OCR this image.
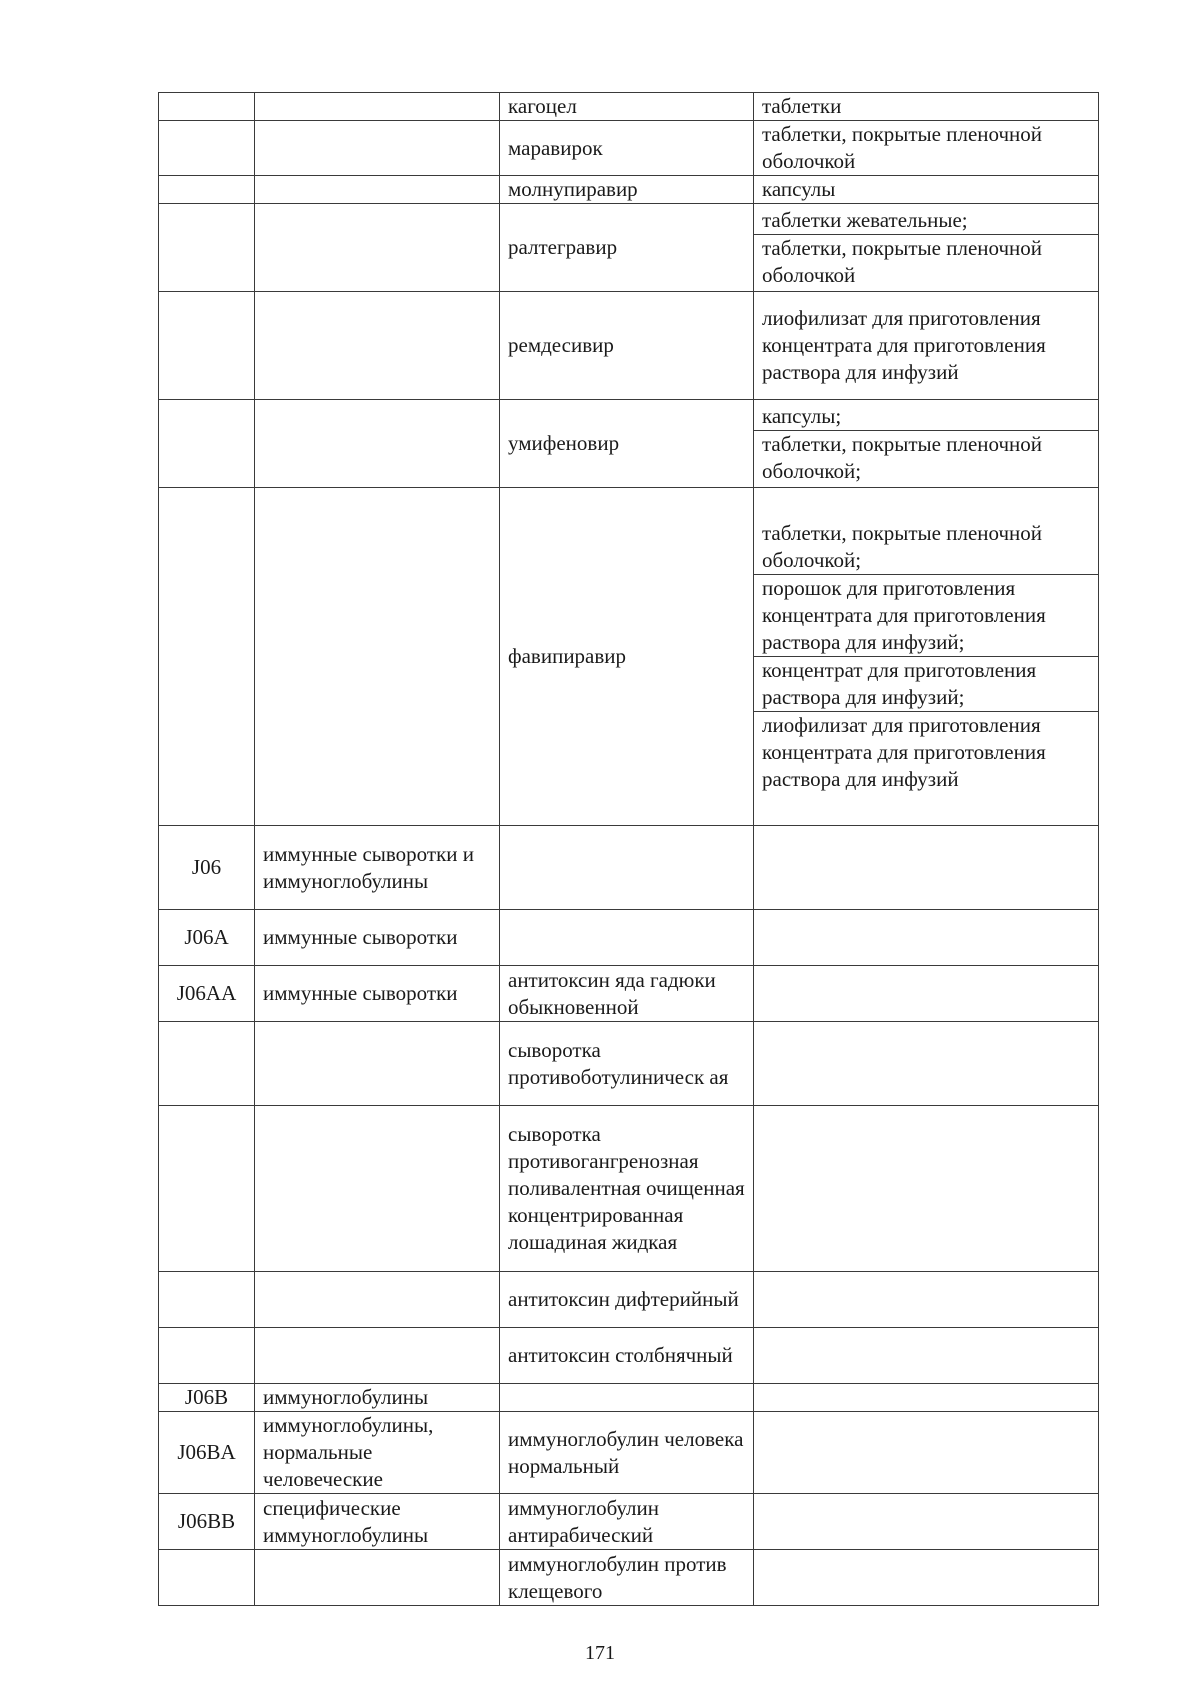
		кагоцел	таблетки

		маравирок	таблетки, покрытые пленочной оболочкой

		молнупиравир	капсулы

		ралтегравир	таблетки жевательные;
таблетки, покрытые пленочной оболочкой

		ремдесивир	лиофилизат для приготовления концентрата для приготовления раствора для инфузий

		умифеновир	капсулы;
таблетки, покрытые пленочной оболочкой;

		фавипиравир	таблетки, покрытые пленочной оболочкой;
порошок для приготовления концентрата для приготовления раствора для инфузий;
концентрат для приготовления раствора для инфузий;
лиофилизат для приготовления концентрата для приготовления раствора для инфузий

J06	иммунные сыворотки и иммуноглобулины		

J06A	иммунные сыворотки		

J06AA	иммунные сыворотки	антитоксин яда гадюки обыкновенной	

		сыворотка противоботулиническ ая	

		сыворотка противогангренозная поливалентная очищенная концентрированная лошадиная жидкая	

		антитоксин дифтерийный	

		антитоксин столбнячный	

J06B	иммуноглобулины		

J06BA	иммуноглобулины, нормальные человеческие	иммуноглобулин человека нормальный	

J06BB	специфические иммуноглобулины	иммуноглобулин антирабический	

		иммуноглобулин против клещевого	
171
